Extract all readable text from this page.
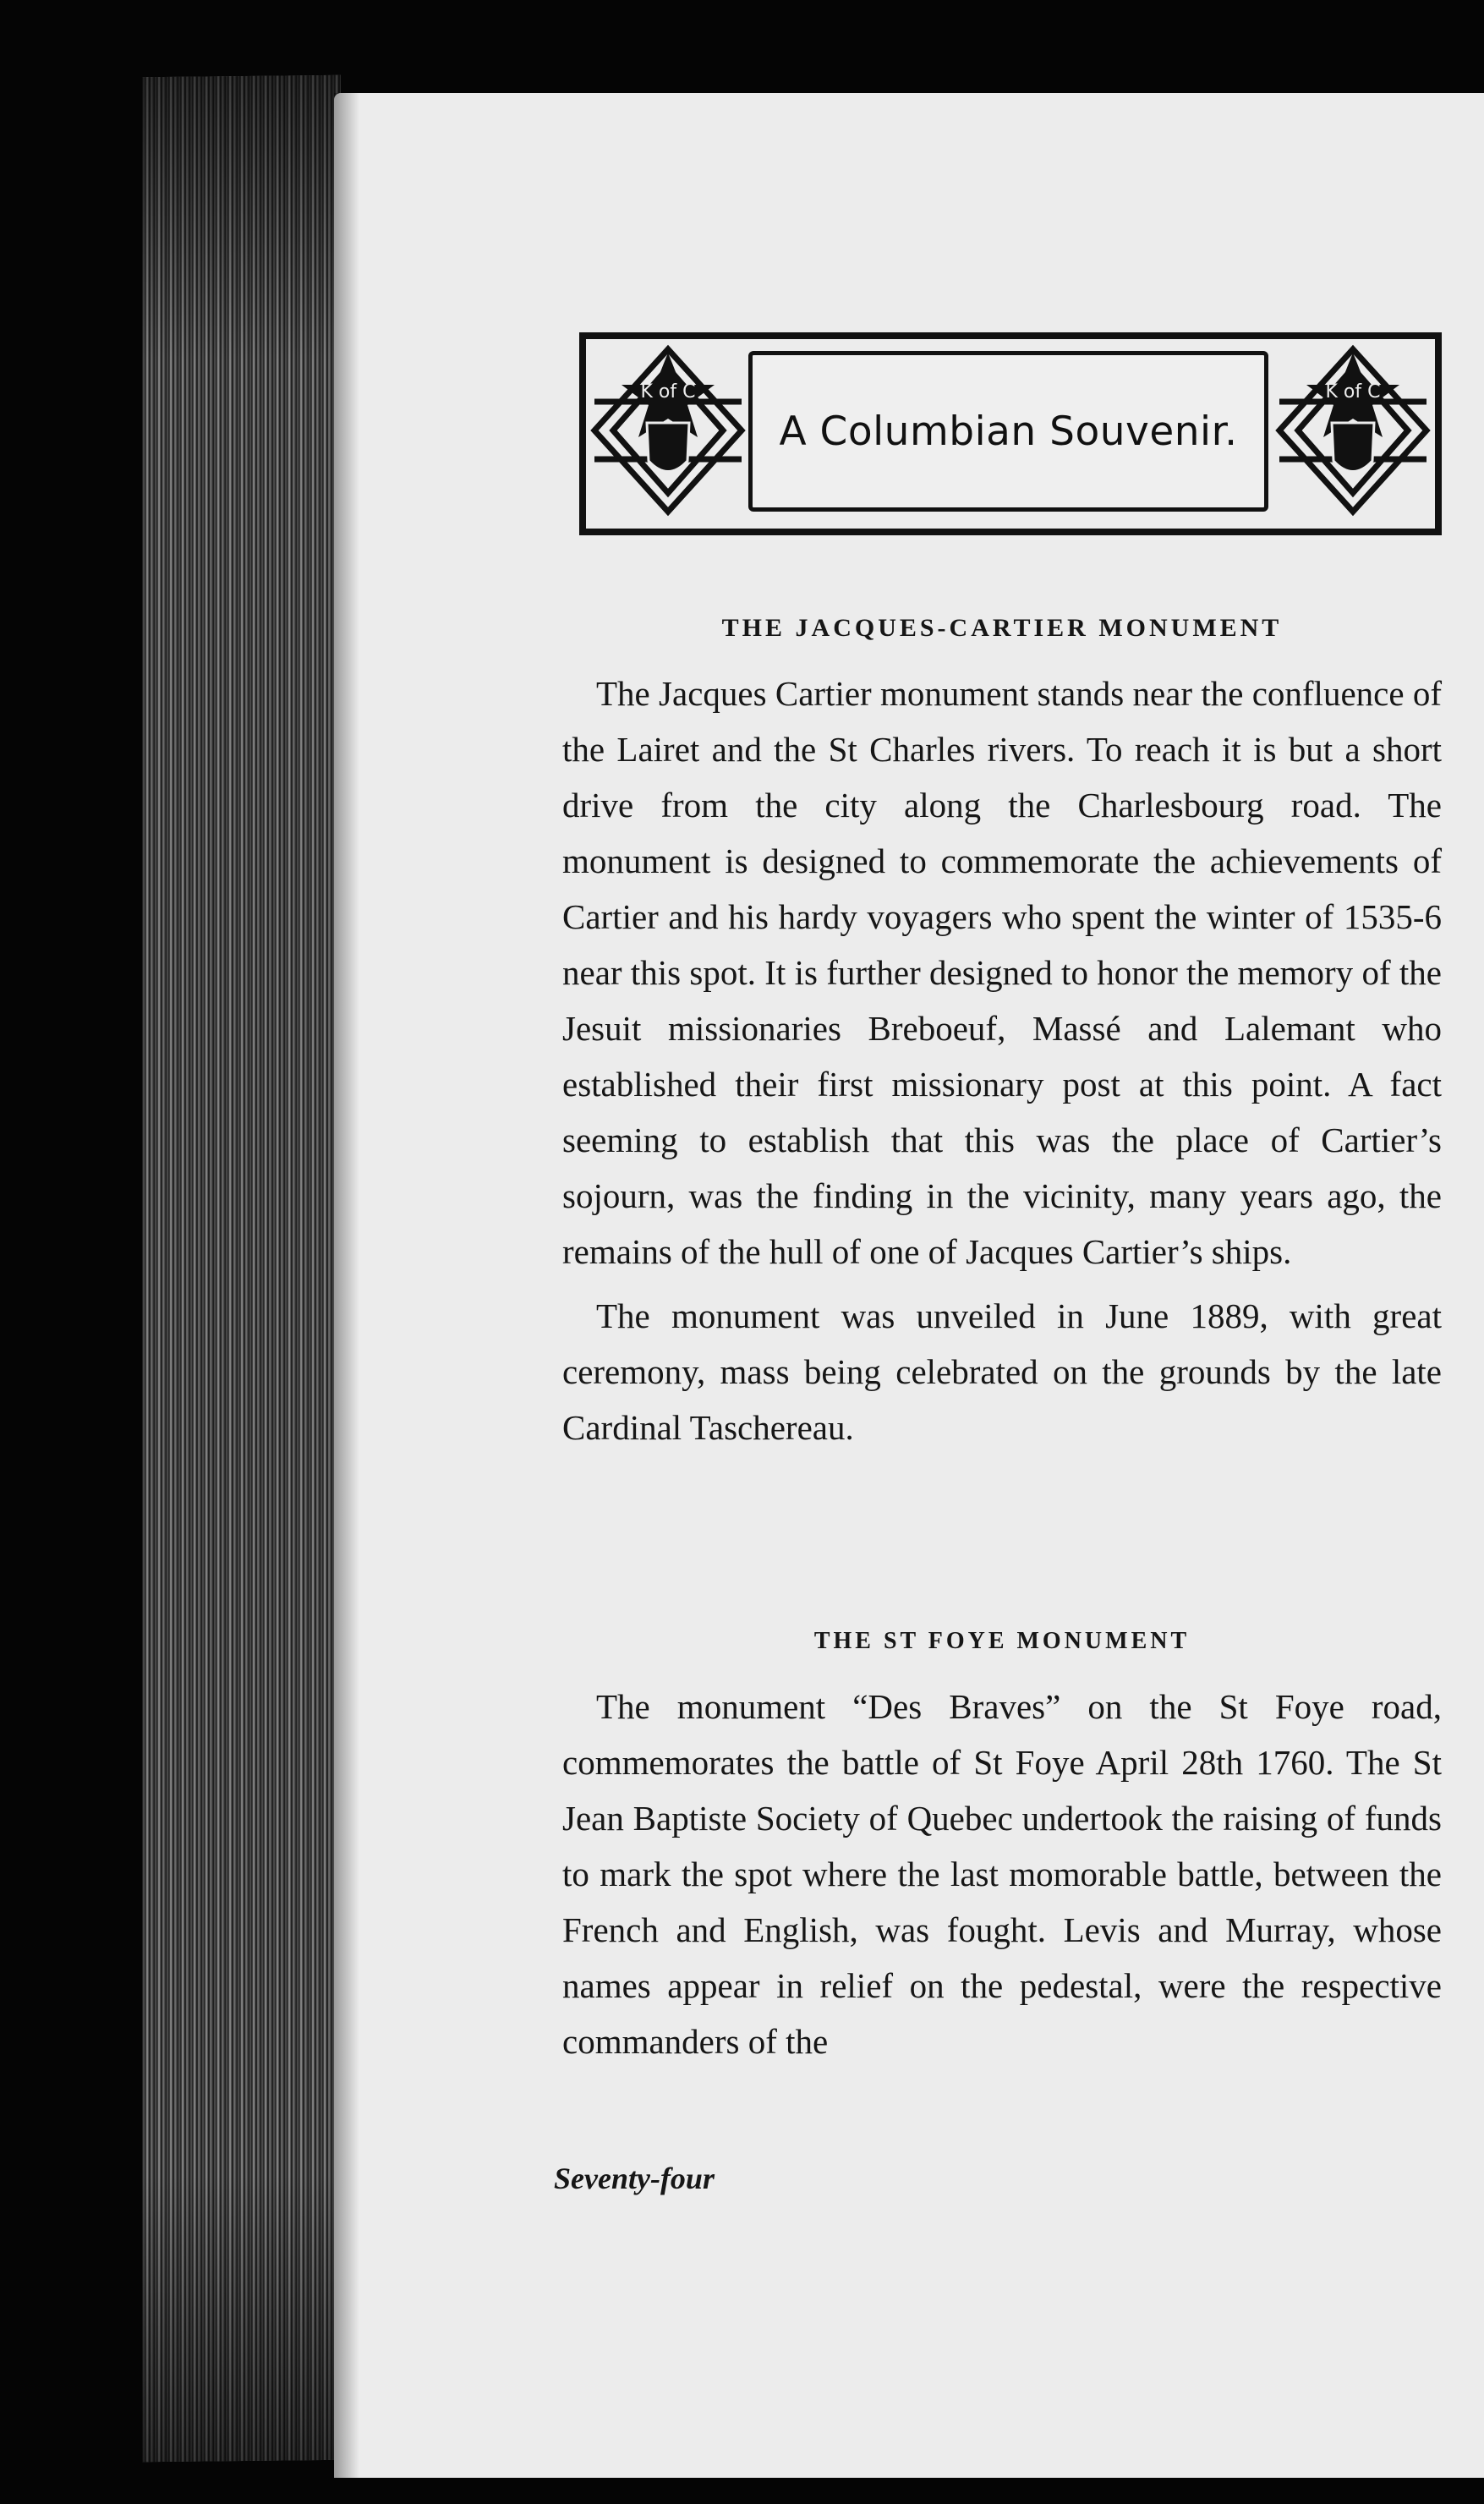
K of C
A Columbian Souvenir.
K of C
THE JACQUES-CARTIER MONUMENT

The Jacques Cartier monument stands near the confluence of the Lairet and the St Charles rivers. To reach it is but a short drive from the city along the Charlesbourg road. The monument is designed to commemorate the achievements of Cartier and his hardy voyagers who spent the winter of 1535-6 near this spot. It is further designed to honor the memory of the Jesuit missionaries Breboeuf, Massé and Lalemant who established their first missionary post at this point. A fact seeming to establish that this was the place of Cartier’s sojourn, was the finding in the vicinity, many years ago, the remains of the hull of one of Jacques Cartier’s ships.

The monument was unveiled in June 1889, with great ceremony, mass being celebrated on the grounds by the late Cardinal Taschereau.

THE ST FOYE MONUMENT

The monument “Des Braves” on the St Foye road, commemorates the battle of St Foye April 28th 1760. The St Jean Baptiste Society of Quebec undertook the raising of funds to mark the spot where the last momorable battle, between the French and English, was fought. Levis and Murray, whose names appear in relief on the pedestal, were the respective commanders of the

Seventy-four
